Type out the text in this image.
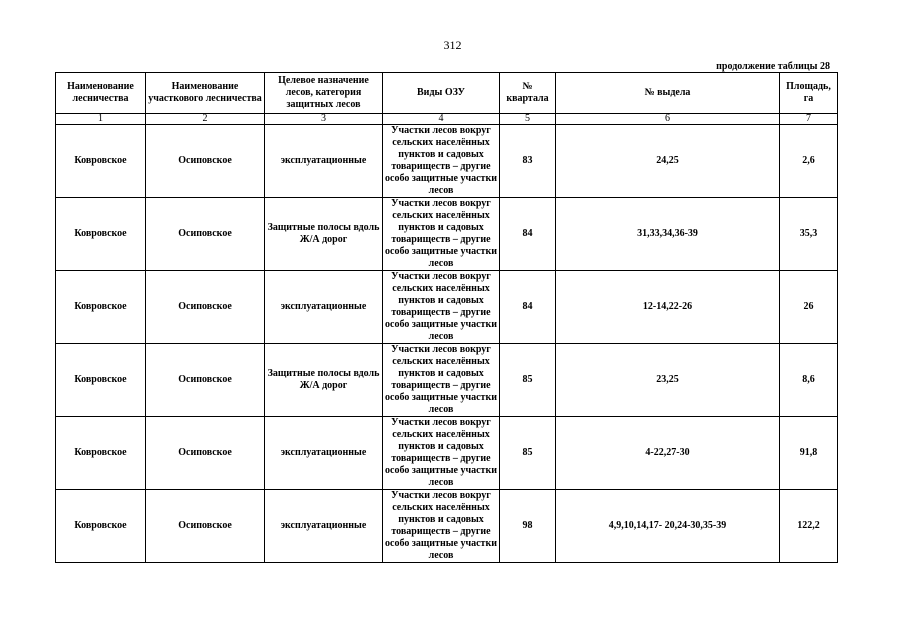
312
продолжение таблицы 28
Наименование лесничества	Наименование участкового лесничества	Целевое назначение лесов, категория защитных лесов	Виды ОЗУ	№ квартала	№ выдела	Площадь, га
1	2	3	4	5	6	7
Ковровское	Осиповское	эксплуатационные	Участки лесов вокруг сельских населённых пунктов и садовых товариществ – другие особо защитные участки лесов	83	24,25	2,6
Ковровское	Осиповское	Защитные полосы вдоль Ж/А дорог	Участки лесов вокруг сельских населённых пунктов и садовых товариществ – другие особо защитные участки лесов	84	31,33,34,36-39	35,3
Ковровское	Осиповское	эксплуатационные	Участки лесов вокруг сельских населённых пунктов и садовых товариществ – другие особо защитные участки лесов	84	12-14,22-26	26
Ковровское	Осиповское	Защитные полосы вдоль Ж/А дорог	Участки лесов вокруг сельских населённых пунктов и садовых товариществ – другие особо защитные участки лесов	85	23,25	8,6
Ковровское	Осиповское	эксплуатационные	Участки лесов вокруг сельских населённых пунктов и садовых товариществ – другие особо защитные участки лесов	85	4-22,27-30	91,8
Ковровское	Осиповское	эксплуатационные	Участки лесов вокруг сельских населённых пунктов и садовых товариществ – другие особо защитные участки лесов	98	4,9,10,14,17- 20,24-30,35-39	122,2
